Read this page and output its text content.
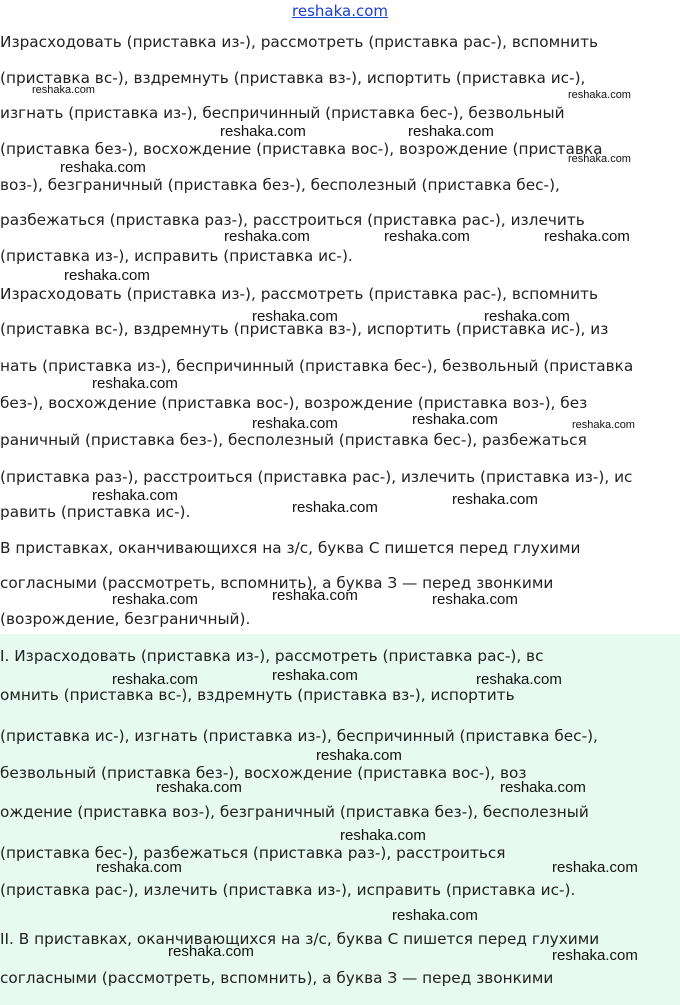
reshaka.com
Израсходовать (приставка из-), рассмотреть (приставка рас-), вспомнить
(приставка вс-), вздремнуть (приставка вз-), испортить (приставка ис-),
изгнать (приставка из-), беспричинный (приставка бес-), безвольный
(приставка без-), восхождение (приставка вос-), возрождение (приставка
воз-), безграничный (приставка без-), бесполезный (приставка бес-),
разбежаться (приставка раз-), расстроиться (приставка рас-), излечить
(приставка из-), исправить (приставка ис-).
Израсходовать (приставка из-), рассмотреть (приставка рас-), вспомнить
(приставка вс-), вздремнуть (приставка вз-), испортить (приставка ис-), из
нать (приставка из-), беспричинный (приставка бес-), безвольный (приставка
без-), восхождение (приставка вос-), возрождение (приставка воз-), без
раничный (приставка без-), бесполезный (приставка бес-), разбежаться
(приставка раз-), расстроиться (приставка рас-), излечить (приставка из-), ис
равить (приставка ис-).
В приставках, оканчивающихся на з/с, буква С пишется перед глухими
согласными (рассмотреть, вспомнить), а буква З — перед звонкими
(возрождение, безграничный).
I. Израсходовать (приставка из-), рассмотреть (приставка рас-), вс
омнить (приставка вс-), вздремнуть (приставка вз-), испортить
(приставка ис-), изгнать (приставка из-), беспричинный (приставка бес-),
безвольный (приставка без-), восхождение (приставка вос-), воз
ождение (приставка воз-), безграничный (приставка без-), бесполезный
(приставка бес-), разбежаться (приставка раз-), расстроиться
(приставка рас-), излечить (приставка из-), исправить (приставка ис-).
II. В приставках, оканчивающихся на з/с, буква С пишется перед глухими
согласными (рассмотреть, вспомнить), а буква З — перед звонкими
reshaka.com	reshaka.com
reshaka.com	reshaka.com
reshaka.com
reshaka.com
reshaka.com	reshaka.com	reshaka.com
reshaka.com
reshaka.com	reshaka.com
reshaka.com
reshaka.com	reshaka.com	reshaka.com
reshaka.com	reshaka.com
reshaka.com
reshaka.com	reshaka.com	reshaka.com
reshaka.com	reshaka.com	reshaka.com
reshaka.com
reshaka.com	reshaka.com
reshaka.com
reshaka.com	reshaka.com
reshaka.com
reshaka.com	reshaka.com
